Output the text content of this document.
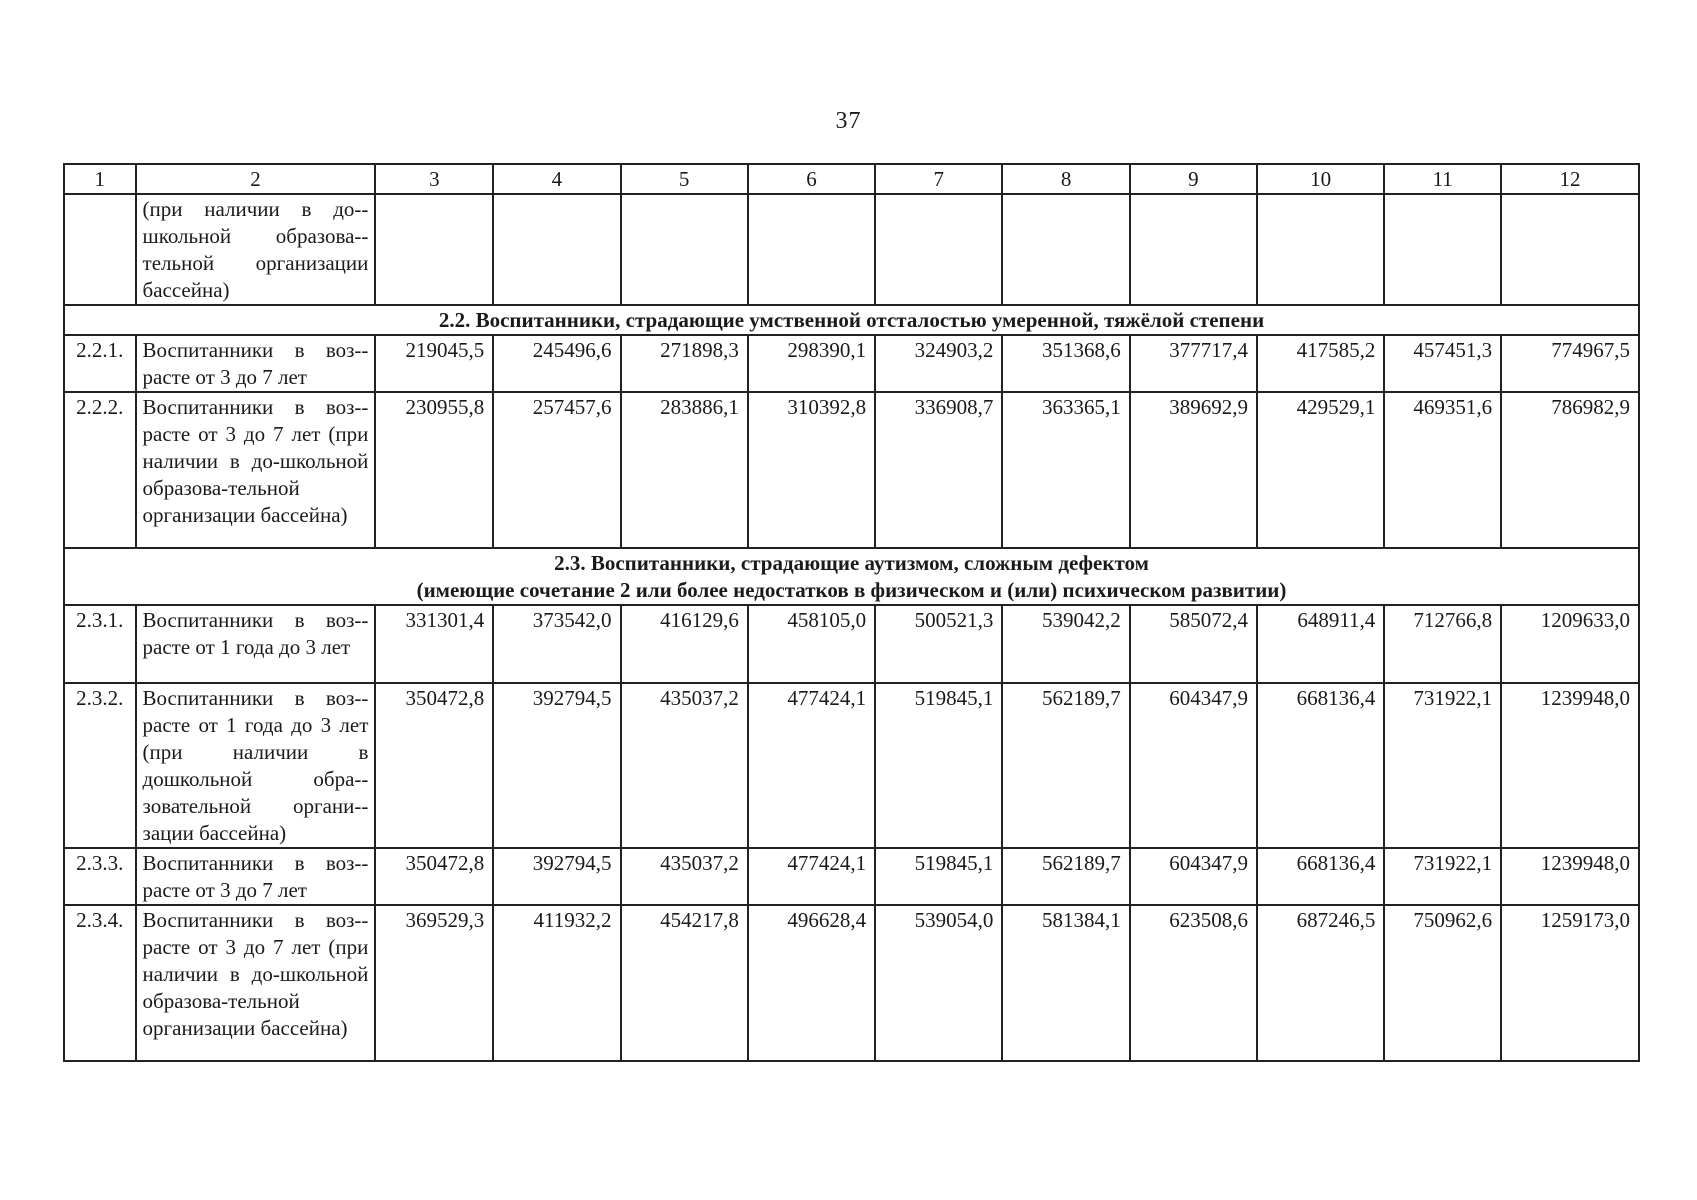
37
1	2	3	4	5	6	7	8	9	10	11	12
	(при наличии в до-школьной образова-тельной организации бассейна)										

2.2. Воспитанники, страдающие умственной отсталостью умеренной, тяжёлой степени											

2.2.1.	Воспитанники в воз-расте от 3 до 7 лет	219045,5	245496,6	271898,3	298390,1	324903,2	351368,6	377717,4	417585,2	457451,3	774967,5
2.2.2.	Воспитанники в воз-расте от 3 до 7 лет (при наличии в до-школьной образова-тельной организации бассейна)	230955,8	257457,6	283886,1	310392,8	336908,7	363365,1	389692,9	429529,1	469351,6	786982,9

2.3. Воспитанники, страдающие аутизмом, сложным дефектом
(имеющие сочетание 2 или более недостатков в физическом и (или) психическом развитии)											

2.3.1.	Воспитанники в воз-расте от 1 года до 3 лет	331301,4	373542,0	416129,6	458105,0	500521,3	539042,2	585072,4	648911,4	712766,8	1209633,0
2.3.2.	Воспитанники в воз-расте от 1 года до 3 лет (при наличии в дошкольной обра-зовательной органи-зации бассейна)	350472,8	392794,5	435037,2	477424,1	519845,1	562189,7	604347,9	668136,4	731922,1	1239948,0
2.3.3.	Воспитанники в воз-расте от 3 до 7 лет	350472,8	392794,5	435037,2	477424,1	519845,1	562189,7	604347,9	668136,4	731922,1	1239948,0
2.3.4.	Воспитанники в воз-расте от 3 до 7 лет (при наличии в до-школьной образова-тельной организации бассейна)	369529,3	411932,2	454217,8	496628,4	539054,0	581384,1	623508,6	687246,5	750962,6	1259173,0
